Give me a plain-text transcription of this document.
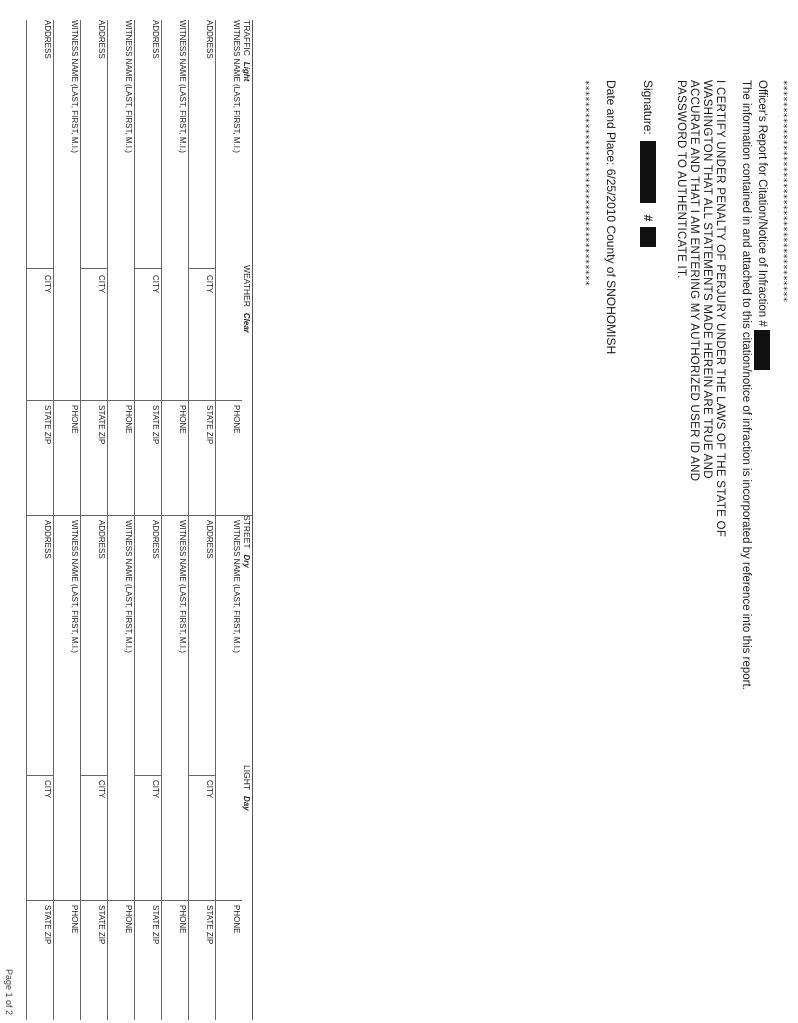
*****************************************
Officer's Report for Citation/Notice of Infraction #
The information contained in and attached to this citation/notice of infraction is incorporated by reference into this report.
I CERTIFY UNDER PENALTY OF PERJURY UNDER THE LAWS OF THE STATE OF
WASHINGTON THAT ALL STATEMENTS MADE HEREIN ARE TRUE AND
ACCURATE AND THAT I AM ENTERING MY AUTHORIZED USER ID AND
PASSWORD TO AUTHENTICATE IT.
Signature:
#
Date and Place: 6/25/2010 County of SNOHOMISH
**************************************
TRAFFICLight
WEATHERClear
STREETDry
LIGHTDay
WITNESS NAME (LAST, FIRST, M.I.)
PHONE
WITNESS NAME (LAST, FIRST, M.I.)
PHONE
ADDRESS
CITY
STATE ZIP
ADDRESS
CITY
STATE ZIP
WITNESS NAME (LAST, FIRST, M.I.)
PHONE
WITNESS NAME (LAST, FIRST, M.I.)
PHONE
ADDRESS
CITY
STATE ZIP
ADDRESS
CITY
STATE ZIP
WITNESS NAME (LAST, FIRST, M.I.)
PHONE
WITNESS NAME (LAST, FIRST, M.I.)
PHONE
ADDRESS
CITY
STATE ZIP
ADDRESS
CITY
STATE ZIP
WITNESS NAME (LAST, FIRST, M.I.)
PHONE
WITNESS NAME (LAST, FIRST, M.I.)
PHONE
ADDRESS
CITY
STATE ZIP
ADDRESS
CITY
STATE ZIP
Page 1 of 2
